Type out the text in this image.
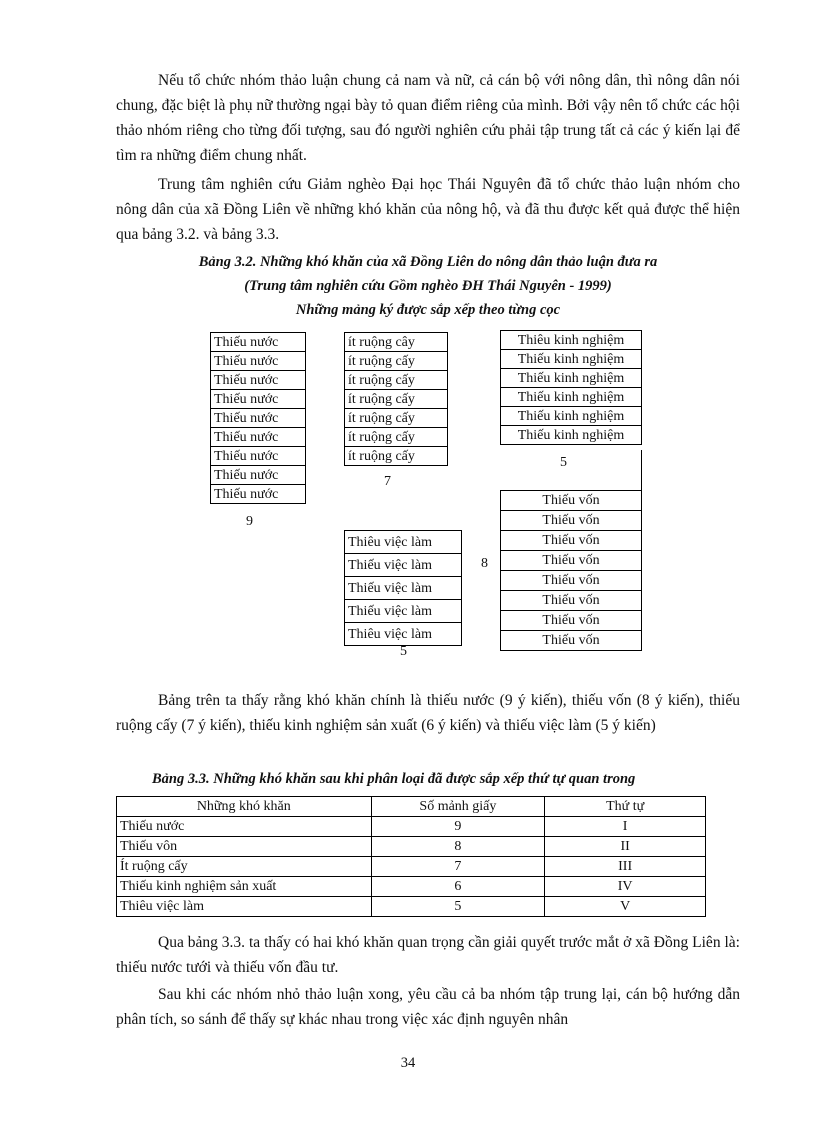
Nếu tổ chức nhóm thảo luận chung cả nam và nữ, cả cán bộ với nông dân, thì nông dân nói chung, đặc biệt là phụ nữ thường ngại bày tỏ quan điểm riêng của mình. Bởi vậy nên tổ chức các hội thảo nhóm riêng cho từng đối tượng, sau đó người nghiên cứu phải tập trung tất cả các ý kiến lại để tìm ra những điểm chung nhất.

Trung tâm nghiên cứu Giảm nghèo Đại học Thái Nguyên đã tổ chức thảo luận nhóm cho nông dân của xã Đồng Liên về những khó khăn của nông hộ, và đã thu được kết quả được thể hiện qua bảng 3.2. và bảng 3.3.

Bảng 3.2. Những khó khăn của xã Đồng Liên do nông dân thảo luận đưa ra

(Trung tâm nghiên cứu Gồm nghèo ĐH Thái Nguyên - 1999)

Những mảng ký được sắp xếp theo từng cọc

Thiếu nước
Thiếu nước
Thiếu nước
Thiếu nước
Thiếu nước
Thiếu nước
Thiếu nước
Thiếu nước
Thiếu nước
9
ít ruộng cây
ít ruộng cấy
ít ruộng cấy
ít ruộng cấy
ít ruộng cấy
ít ruộng cấy
ít ruộng cấy
7
Thiêu kinh nghiệm
Thiếu kinh nghiệm
Thiếu kinh nghiệm
Thiếu kinh nghiệm
Thiếu kinh nghiệm
Thiếu kinh nghiệm
5
Thiếu vốn
Thiếu vốn
Thiếu vốn
Thiếu vốn
Thiếu vốn
Thiếu vốn
Thiếu vốn
Thiếu vốn
Thiêu việc làm
Thiếu việc làm
Thiếu việc làm
Thiếu việc làm
Thiêu việc làm
5
8

Bảng trên ta thấy rằng khó khăn chính là thiếu nước (9 ý kiến), thiếu vốn (8 ý kiến), thiếu ruộng cấy (7 ý kiến), thiếu kinh nghiệm sản xuất (6 ý kiến) và thiếu việc làm (5 ý kiến)

Bảng 3.3. Những khó khăn sau khi phân loại đã được sắp xếp thứ tự quan trong

Những khó khăn	Số mảnh giấy	Thứ tự
Thiếu nước	9	I
Thiếu vôn	8	II
Ít ruộng cấy	7	III
Thiếu kinh nghiệm sản xuất	6	IV
Thiêu việc làm	5	V

Qua bảng 3.3. ta thấy có hai khó khăn quan trọng cần giải quyết trước mắt ở xã Đồng Liên là: thiếu nước tưới và thiếu vốn đầu tư.

Sau khi các nhóm nhỏ thảo luận xong, yêu cầu cả ba nhóm tập trung lại, cán bộ hướng dẫn phân tích, so sánh để thấy sự khác nhau trong việc xác định nguyên nhân

34
